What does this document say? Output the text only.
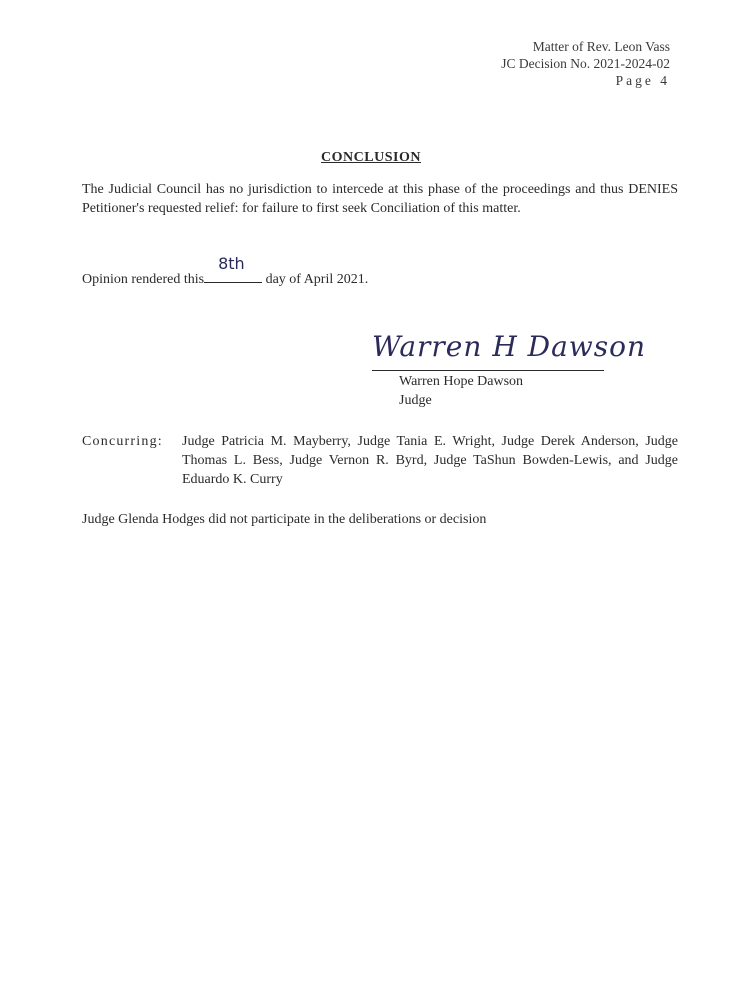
Matter of Rev. Leon Vass
JC Decision No. 2021-2024-02
Page 4
CONCLUSION
The Judicial Council has no jurisdiction to intercede at this phase of the proceedings and thus DENIES Petitioner's requested relief: for failure to first seek Conciliation of this matter.
Opinion rendered this
8th
day of April 2021.
Warren H Dawson
Warren Hope Dawson
Judge
Concurring: Judge Patricia M. Mayberry, Judge Tania E. Wright, Judge Derek Anderson, Judge Thomas L. Bess, Judge Vernon R. Byrd, Judge TaShun Bowden-Lewis, and Judge Eduardo K. Curry
Judge Glenda Hodges did not participate in the deliberations or decision
